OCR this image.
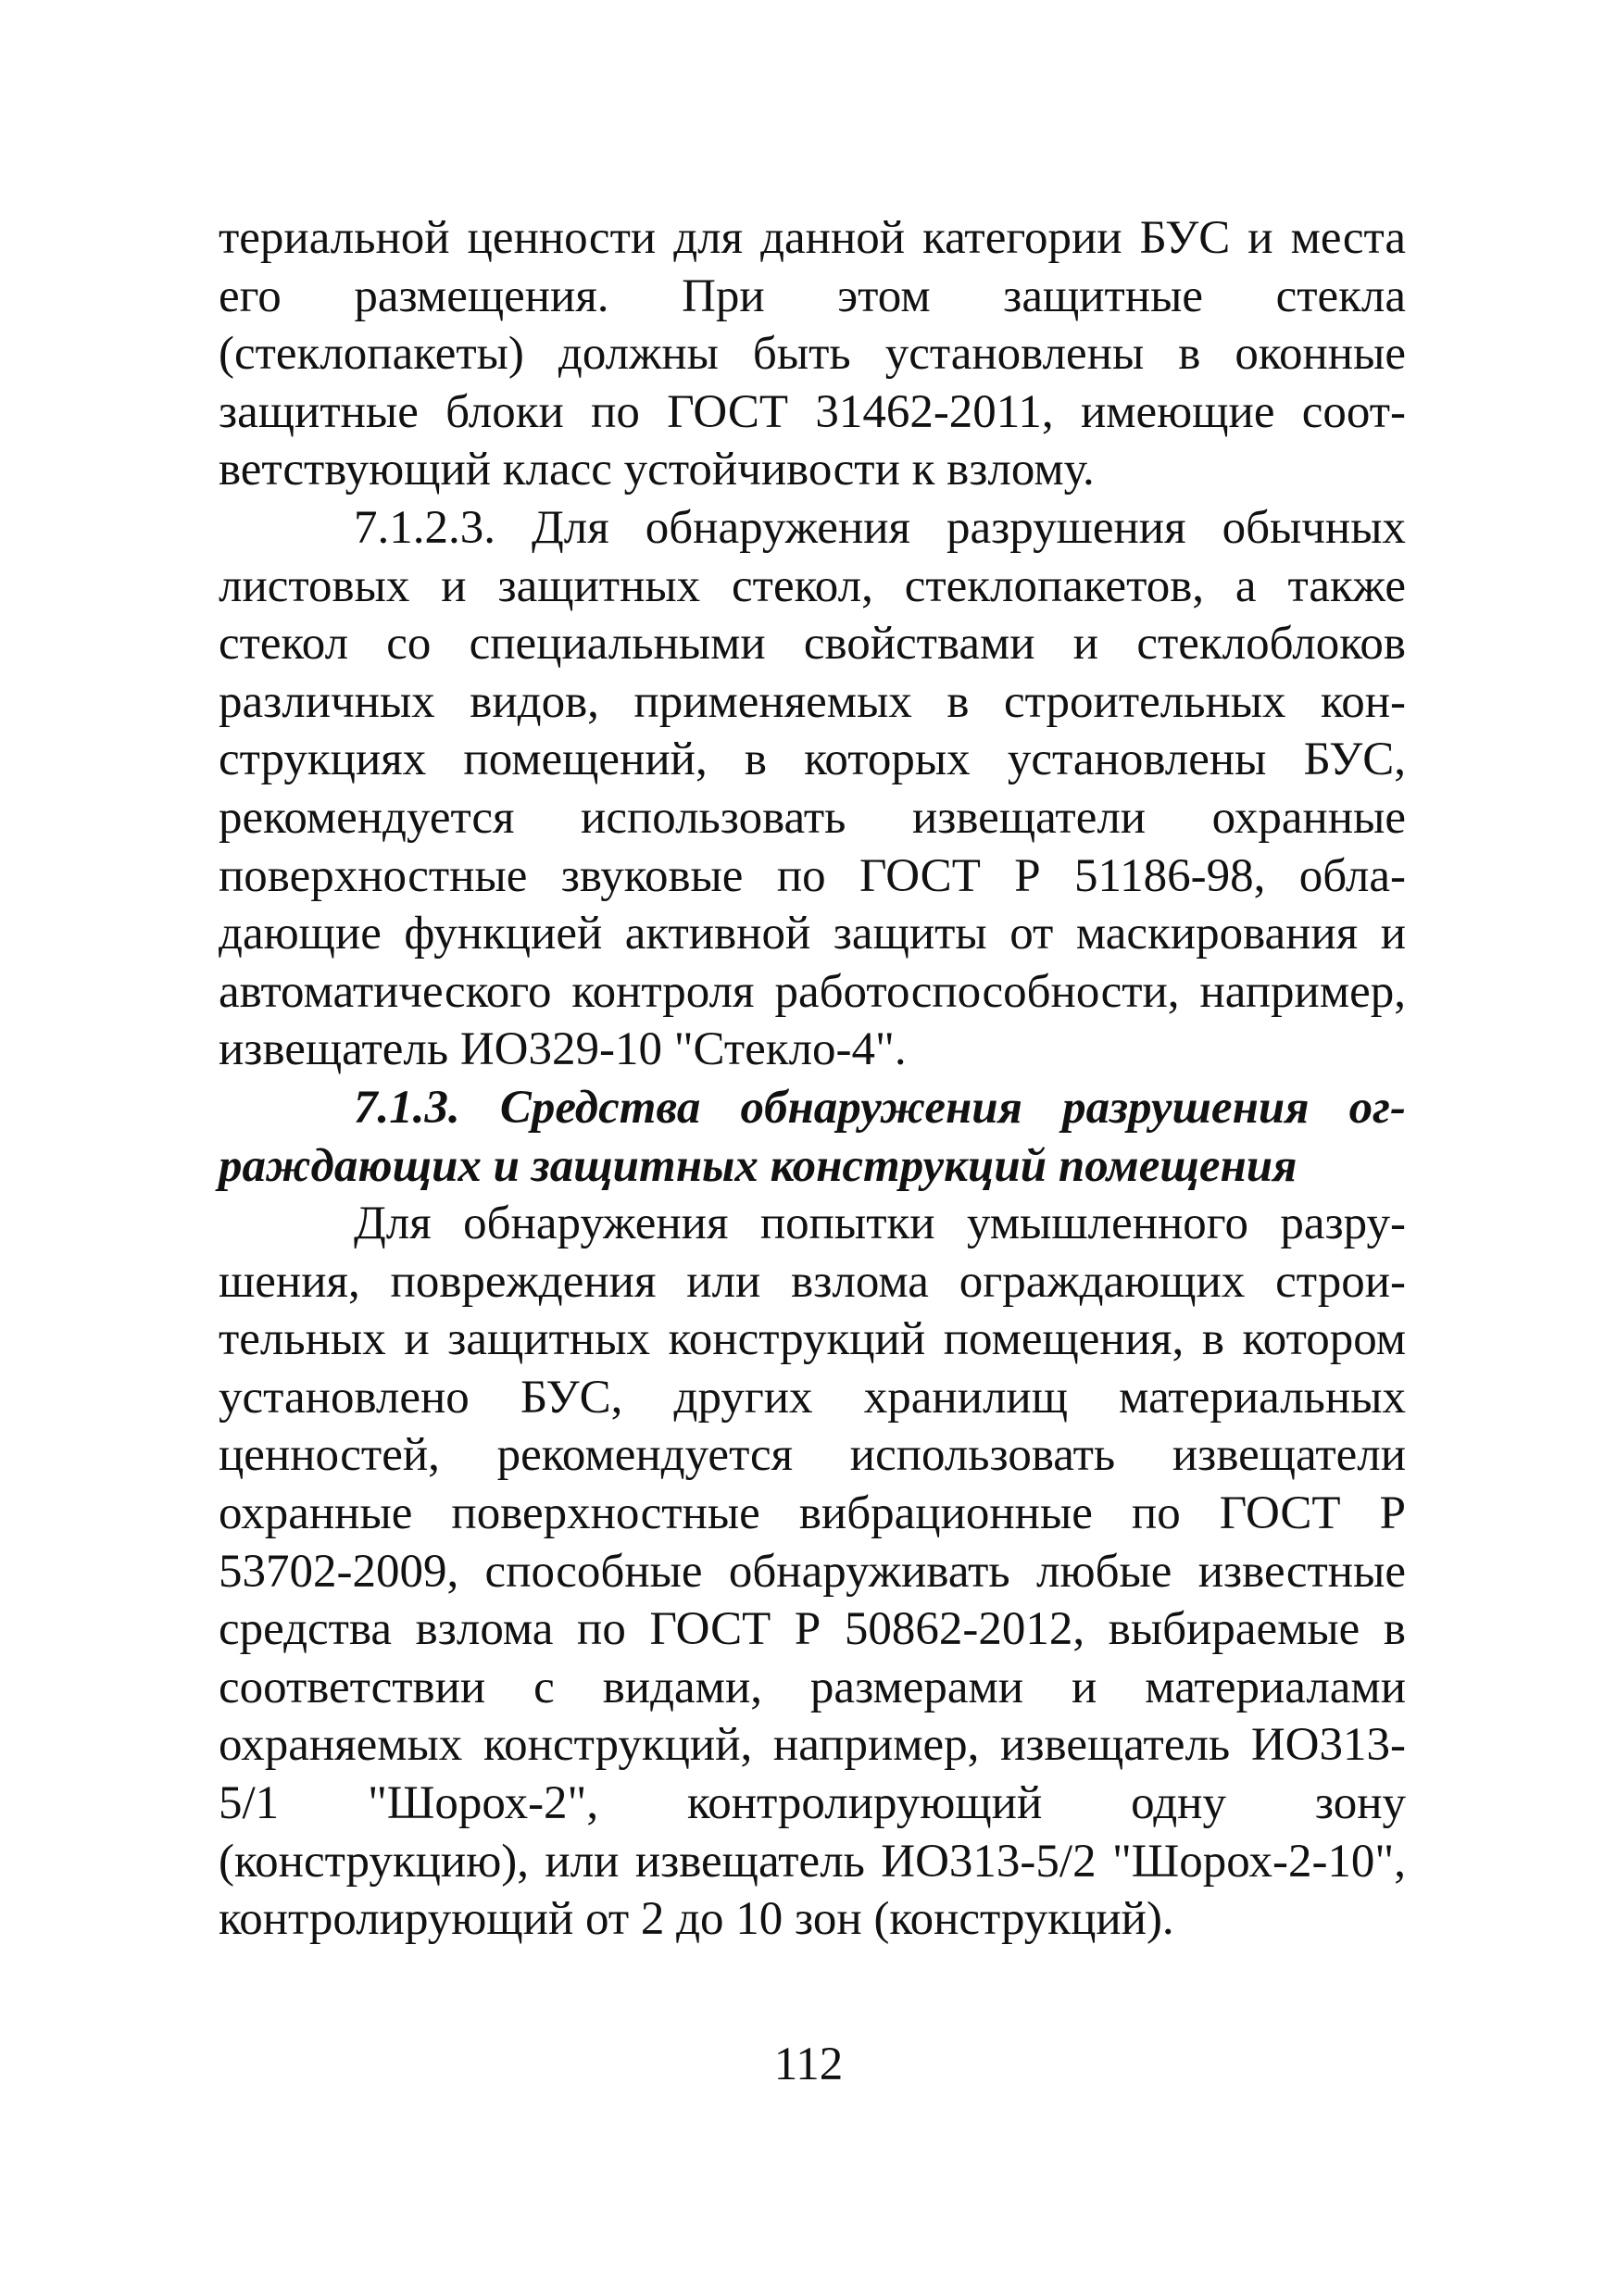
териальной ценности для данной категории БУС и места его размещения. При этом защитные стекла (стеклопакеты) должны быть установлены в оконные защитные блоки по ГОСТ 31462-2011, имеющие соответствующий класс устойчивости к взлому.

7.1.2.3. Для обнаружения разрушения обычных листовых и защитных стекол, стеклопакетов, а также стекол со специальными свойствами и стеклоблоков различных видов, применяемых в строительных конструкциях помещений, в которых установлены БУС, рекомендуется использовать извещатели охранные поверхностные звуковые по ГОСТ Р 51186-98, обладающие функцией активной защиты от маскирования и автоматического контроля работоспособности, например, извещатель ИО329-10 "Стекло-4".

7.1.3. Средства обнаружения разрушения ограждающих и защитных конструкций помещения

Для обнаружения попытки умышленного разрушения, повреждения или взлома ограждающих строительных и защитных конструкций помещения, в котором установлено БУС, других хранилищ материальных ценностей, рекомендуется использовать извещатели охранные поверхностные вибрационные по ГОСТ Р 53702-2009, способные обнаруживать любые известные средства взлома по ГОСТ Р 50862-2012, выбираемые в соответствии с видами, размерами и материалами охраняемых конструкций, например, извещатель ИО313-5/1 "Шорох-2", контролирующий одну зону (конструкцию), или извещатель ИО313-5/2 "Шорох-2-10", контролирующий от 2 до 10 зон (конструкций).

112
